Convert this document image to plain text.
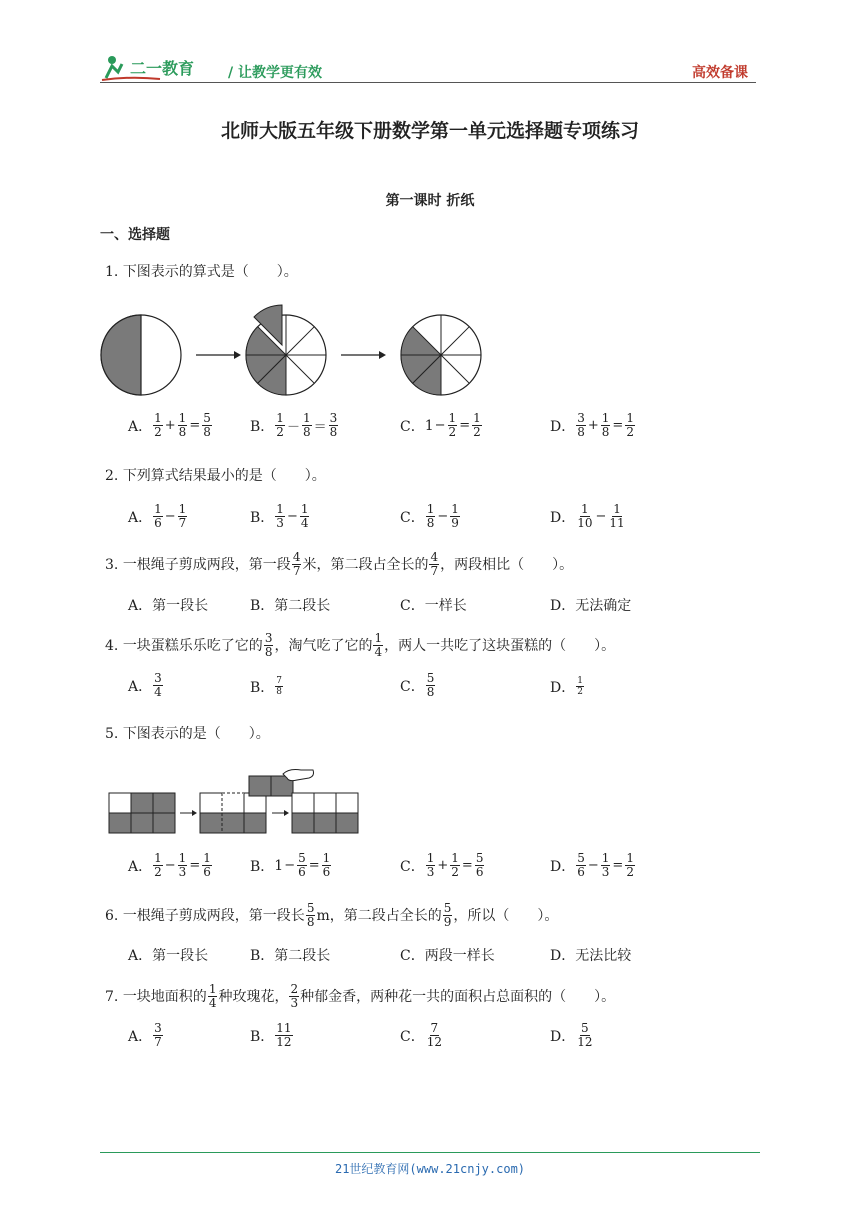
二一教育 / 让教学更有效	高效备课
北师大版五年级下册数学第一单元选择题专项练习
第一课时 折纸
一、选择题
1.
下图表示的算式是（　　）。
A． $\frac{1}{2} + \frac{1}{8} = \frac{5}{8}$	B． $\frac{1}{2} - \frac{1}{8} = \frac{3}{8}$	C． $1 - \frac{1}{2} = \frac{1}{2}$	D． $\frac{3}{8} + \frac{1}{8} = \frac{1}{2}$
2.
下列算式结果最小的是（　　）。
A． $\frac{1}{6} - \frac{1}{7}$	B． $\frac{1}{3} - \frac{1}{4}$	C． $\frac{1}{8} - \frac{1}{9}$	D． $\frac{1}{10} - \frac{1}{11}$
3.
一根绳子剪成两段，第一段 $\frac{4}{7}$ 米，第二段占全长的 $\frac{4}{7}$ ，两段相比（　　）。
A．第一段长	B．第二段长	C．一样长	D．无法确定
4.
一块蛋糕乐乐吃了它的 $\frac{3}{8}$ ，淘气吃了它的 $\frac{1}{4}$ ，两人一共吃了这块蛋糕的（　　）。
A． $\frac{3}{4}$	B． $\frac{7}{8}$	C． $\frac{5}{8}$	D． $\frac{1}{2}$
5.
下图表示的是（　　）。
A． $\frac{1}{2} - \frac{1}{3} = \frac{1}{6}$	B． $1 - \frac{5}{6} = \frac{1}{6}$	C． $\frac{1}{3} + \frac{1}{2} = \frac{5}{6}$	D． $\frac{5}{6} - \frac{1}{3} = \frac{1}{2}$
6.
一根绳子剪成两段，第一段长 $\frac{5}{8}$ m，第二段占全长的 $\frac{5}{9}$ ，所以（　　）。
A．第一段长	B．第二段长	C．两段一样长	D．无法比较
7.
一块地面积的 $\frac{1}{4}$ 种玫瑰花， $\frac{2}{3}$ 种郁金香，两种花一共的面积占总面积的（　　）。
A． $\frac{3}{7}$	B． $\frac{11}{12}$	C． $\frac{7}{12}$	D． $\frac{5}{12}$
21世纪教育网(www.21cnjy.com)
